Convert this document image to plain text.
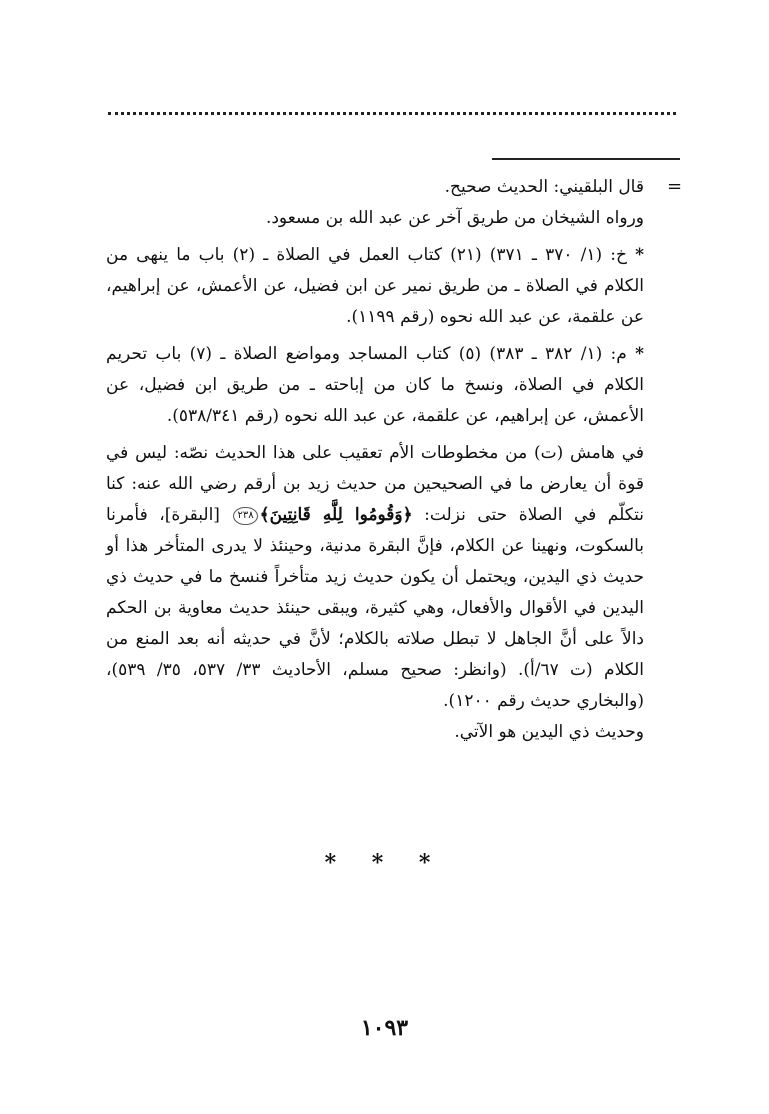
=

قال البلقيني: الحديث صحيح.

ورواه الشيخان من طريق آخر عن عبد الله بن مسعود.

* خ: (١/ ٣٧٠ ـ ٣٧١) (٢١) كتاب العمل في الصلاة ـ (٢) باب ما ينهى من الكلام في الصلاة ـ من طريق نمير عن ابن فضيل، عن الأعمش، عن إبراهيم، عن علقمة، عن عبد الله نحوه (رقم ١١٩٩).

* م: (١/ ٣٨٢ ـ ٣٨٣) (٥) كتاب المساجد ومواضع الصلاة ـ (٧) باب تحريم الكلام في الصلاة، ونسخ ما كان من إباحته ـ من طريق ابن فضيل، عن الأعمش، عن إبراهيم، عن علقمة، عن عبد الله نحوه (رقم ٥٣٨/٣٤١).

في هامش (ت) من مخطوطات الأم تعقيب على هذا الحديث نصّه: ليس في قوة أن يعارض ما في الصحيحين من حديث زيد بن أرقم رضي الله عنه: كنا نتكلّم في الصلاة حتى نزلت: ﴿وَقُومُوا لِلَّهِ قَانِتِينَ﴾٢٣٨ [البقرة]، فأمرنا بالسكوت، ونهينا عن الكلام، فإنَّ البقرة مدنية، وحينئذ لا يدرى المتأخر هذا أو حديث ذي اليدين، ويحتمل أن يكون حديث زيد متأخراً فنسخ ما في حديث ذي اليدين في الأقوال والأفعال، وهي كثيرة، ويبقى حينئذ حديث معاوية بن الحكم دالاً على أنَّ الجاهل لا تبطل صلاته بالكلام؛ لأنَّ في حديثه أنه بعد المنع من الكلام (ت ٦٧/أ). (وانظر: صحيح مسلم، الأحاديث ٣٣/ ٥٣٧، ٣٥/ ٥٣٩)، (والبخاري حديث رقم ١٢٠٠).

وحديث ذي اليدين هو الآتي.

* * *
١٠٩٣
